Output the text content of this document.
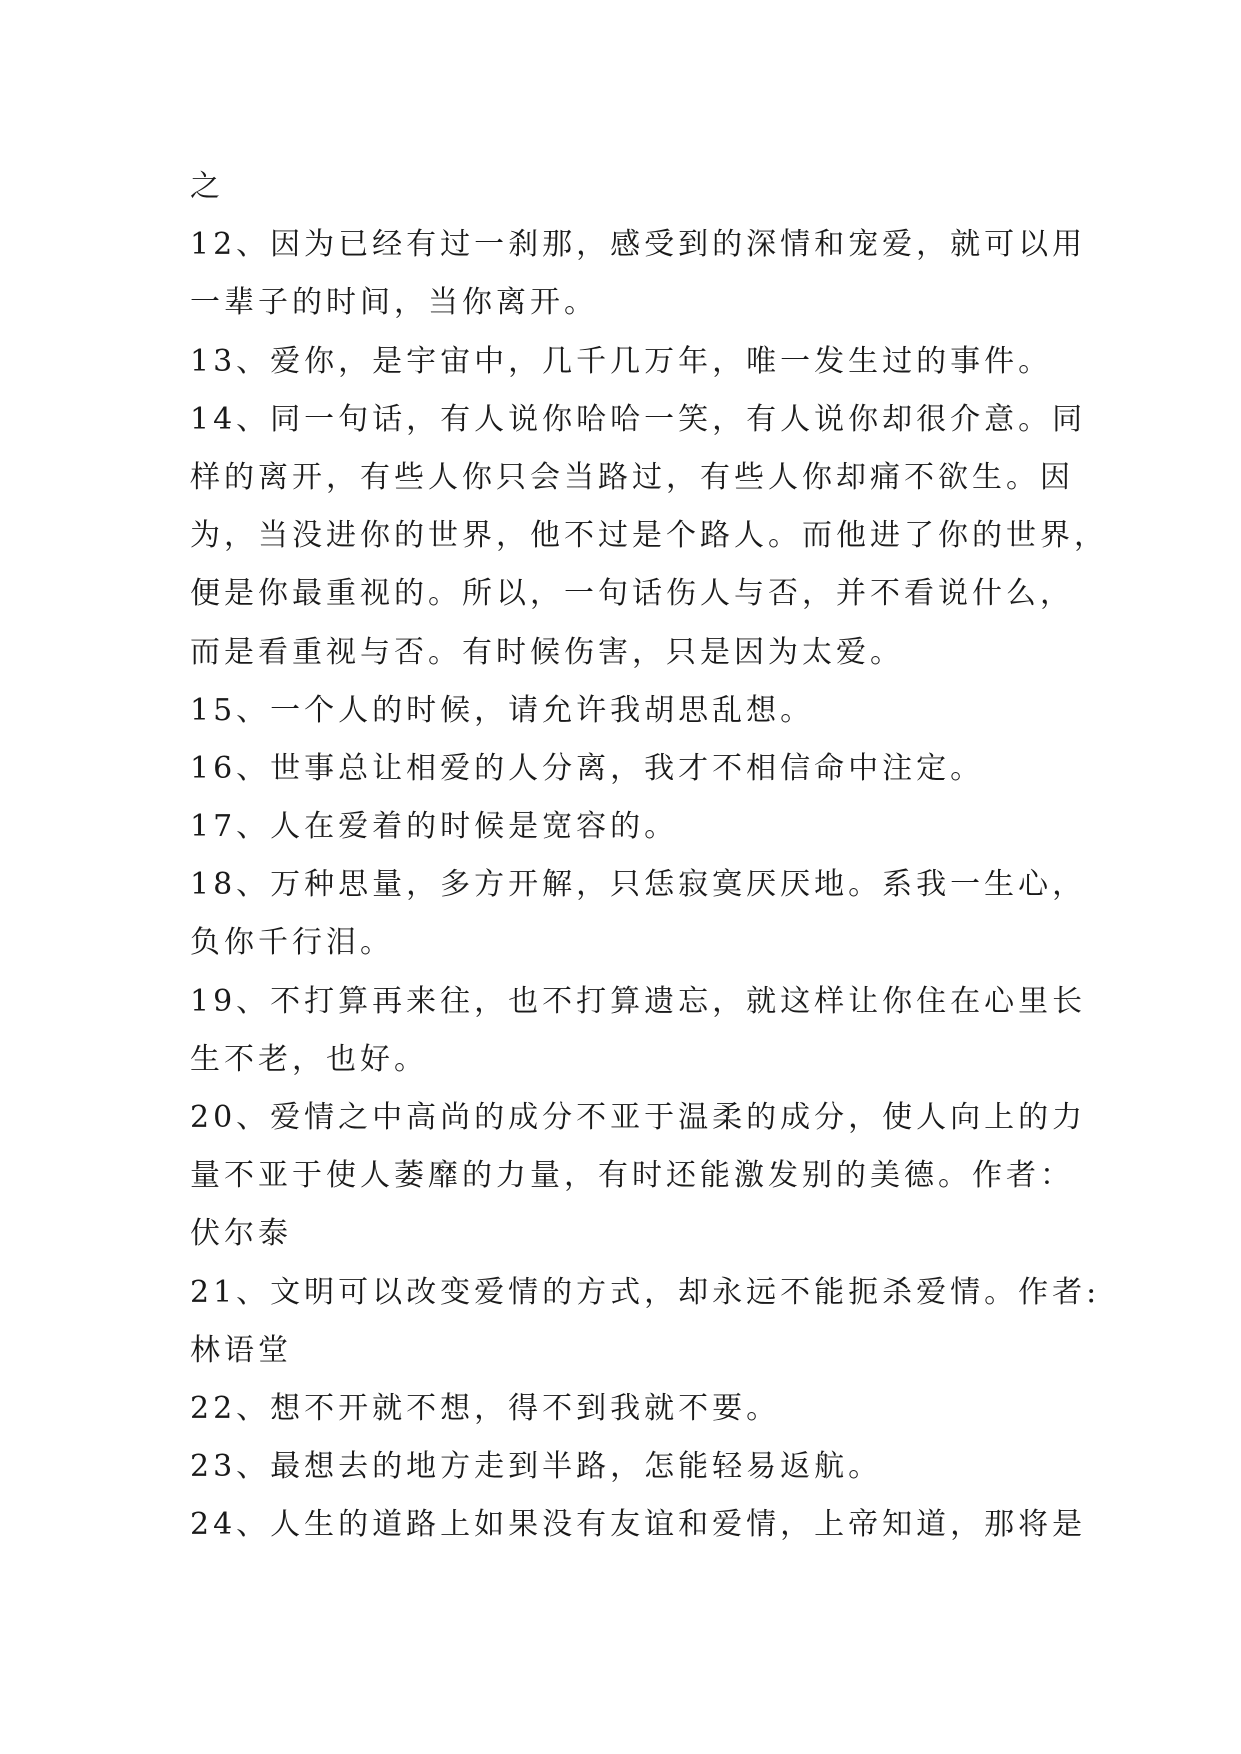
之
12、因为已经有过一刹那，感受到的深情和宠爱，就可以用
一辈子的时间，当你离开。
13、爱你，是宇宙中，几千几万年，唯一发生过的事件。
14、同一句话，有人说你哈哈一笑，有人说你却很介意。同
样的离开，有些人你只会当路过，有些人你却痛不欲生。因
为，当没进你的世界，他不过是个路人。而他进了你的世界，
便是你最重视的。所以，一句话伤人与否，并不看说什么，
而是看重视与否。有时候伤害，只是因为太爱。
15、一个人的时候，请允许我胡思乱想。
16、世事总让相爱的人分离，我才不相信命中注定。
17、人在爱着的时候是宽容的。
18、万种思量，多方开解，只恁寂寞厌厌地。系我一生心，
负你千行泪。
19、不打算再来往，也不打算遗忘，就这样让你住在心里长
生不老，也好。
20、爱情之中高尚的成分不亚于温柔的成分，使人向上的力
量不亚于使人萎靡的力量，有时还能激发别的美德。作者：
伏尔泰
21、文明可以改变爱情的方式，却永远不能扼杀爱情。作者:
林语堂
22、想不开就不想，得不到我就不要。
23、最想去的地方走到半路，怎能轻易返航。
24、人生的道路上如果没有友谊和爱情，上帝知道，那将是
